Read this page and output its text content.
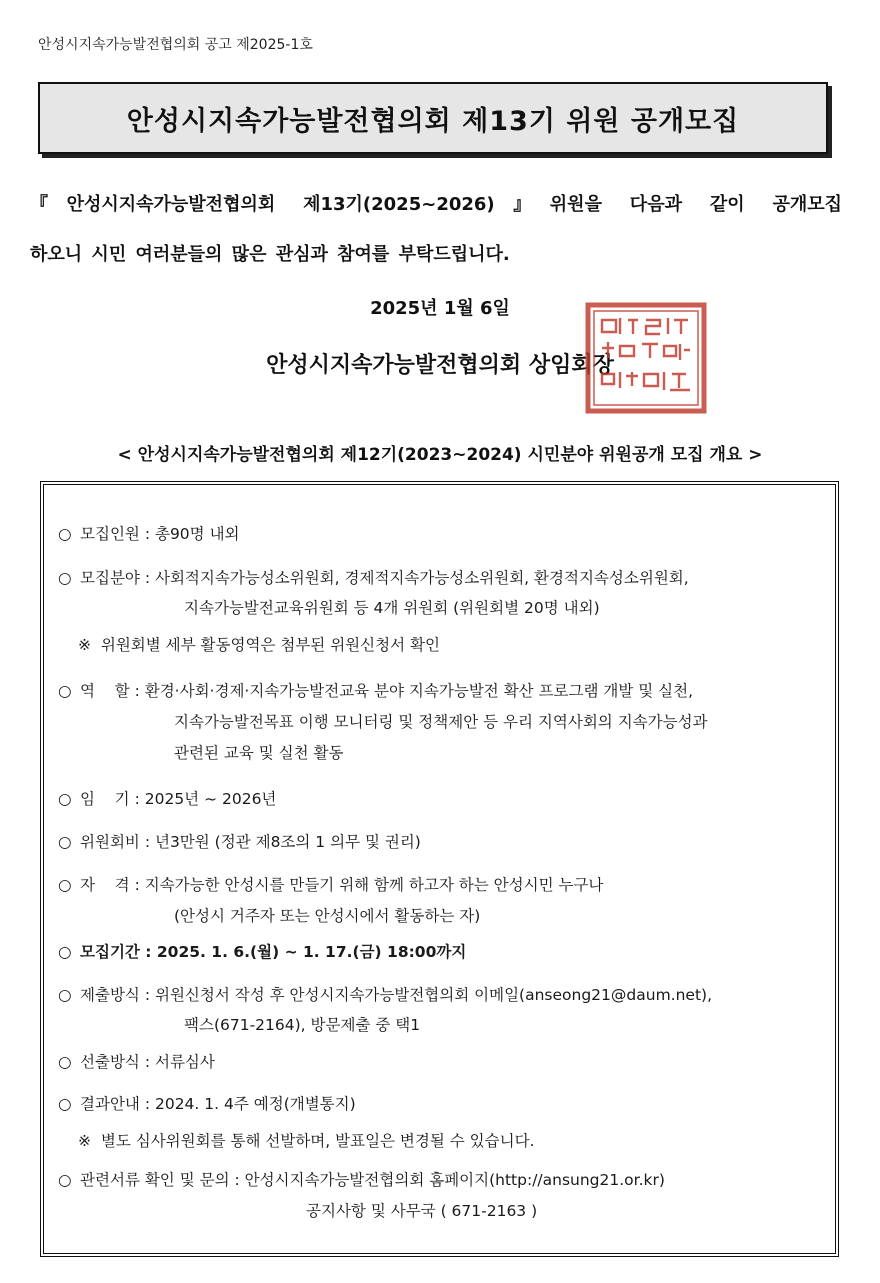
안성시지속가능발전협의회 공고 제2025-1호
안성시지속가능발전협의회 제13기 위원 공개모집
『안성시지속가능발전협의회 제13기(2025~2026)』위원을 다음과 같이 공개모집
하오니 시민 여러분들의 많은 관심과 참여를 부탁드립니다.
2025년 1월 6일
안성시지속가능발전협의회 상임회장
< 안성시지속가능발전협의회 제12기(2023~2024) 시민분야 위원공개 모집 개요 >
○ 모집인원 : 총90명 내외
○ 모집분야 : 사회적지속가능성소위원회, 경제적지속가능성소위원회, 환경적지속성소위원회,
지속가능발전교육위원회 등 4개 위원회 (위원회별 20명 내외)
※ 위원회별 세부 활동영역은 첨부된 위원신청서 확인
○ 역    할 : 환경·사회·경제·지속가능발전교육 분야 지속가능발전 확산 프로그램 개발 및 실천,
지속가능발전목표 이행 모니터링 및 정책제안 등 우리 지역사회의 지속가능성과
관련된 교육 및 실천 활동
○ 임    기 : 2025년 ~ 2026년
○ 위원회비 : 년3만원 (정관 제8조의 1 의무 및 권리)
○ 자    격 : 지속가능한 안성시를 만들기 위해 함께 하고자 하는 안성시민 누구나
(안성시 거주자 또는 안성시에서 활동하는 자)
○ 모집기간 : 2025. 1. 6.(월) ~ 1. 17.(금) 18:00까지
○ 제출방식 : 위원신청서 작성 후 안성시지속가능발전협의회 이메일(anseong21@daum.net),
팩스(671-2164), 방문제출 중 택1
○ 선출방식 : 서류심사
○ 결과안내 : 2024. 1. 4주 예정(개별통지)
※ 별도 심사위원회를 통해 선발하며, 발표일은 변경될 수 있습니다.
○ 관련서류 확인 및 문의 : 안성시지속가능발전협의회 홈페이지(http://ansung21.or.kr)
공지사항 및 사무국 ( 671-2163 )
